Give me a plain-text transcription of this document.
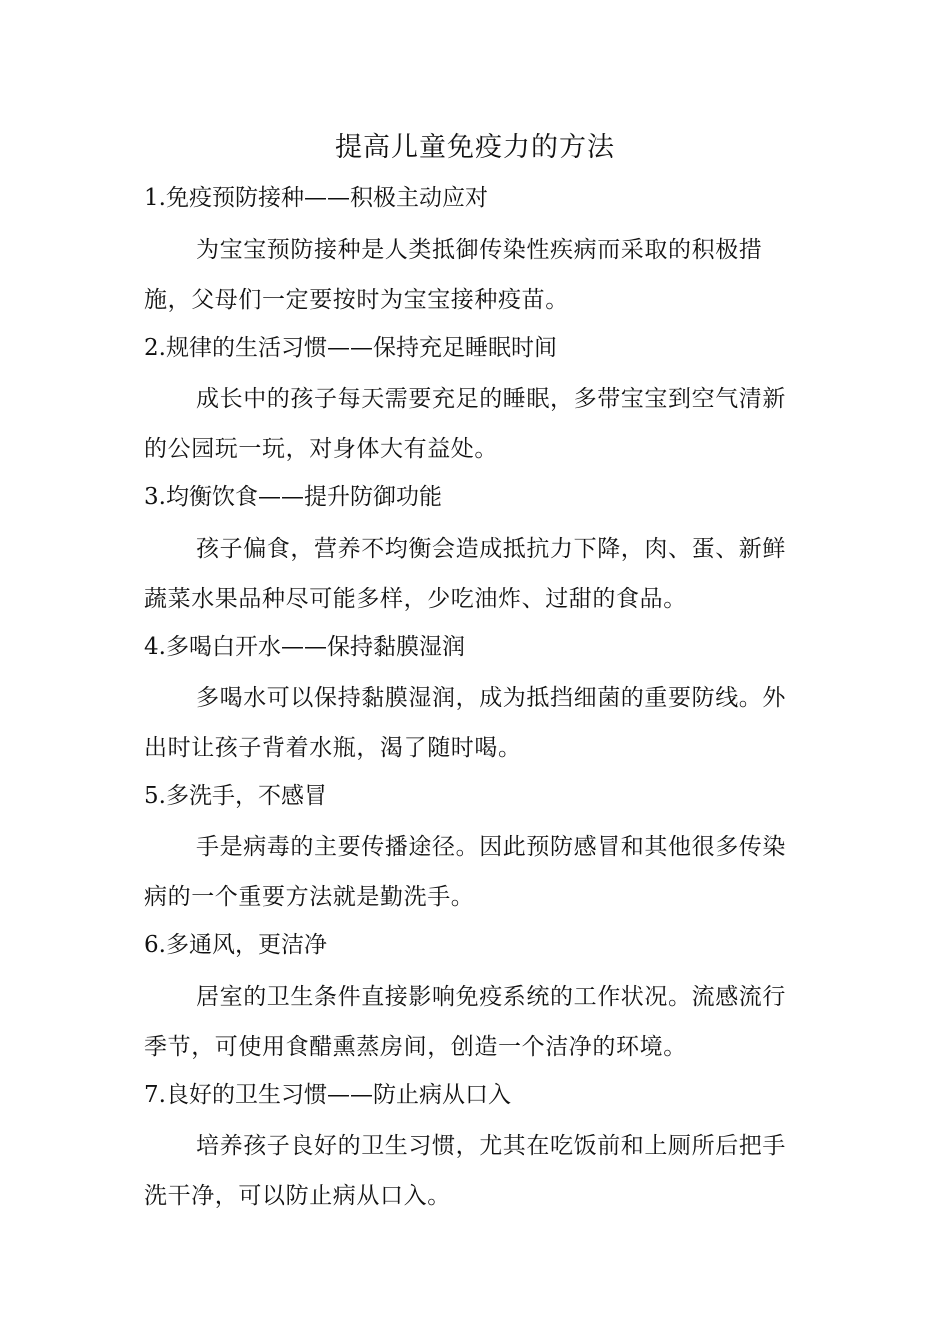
提高儿童免疫力的方法
1.免疫预防接种——积极主动应对

为宝宝预防接种是人类抵御传染性疾病而采取的积极措施，父母们一定要按时为宝宝接种疫苗。

2.规律的生活习惯——保持充足睡眠时间

成长中的孩子每天需要充足的睡眠，多带宝宝到空气清新的公园玩一玩，对身体大有益处。

3.均衡饮食——提升防御功能

孩子偏食，营养不均衡会造成抵抗力下降，肉、蛋、新鲜蔬菜水果品种尽可能多样，少吃油炸、过甜的食品。

4.多喝白开水——保持黏膜湿润

多喝水可以保持黏膜湿润，成为抵挡细菌的重要防线。外出时让孩子背着水瓶，渴了随时喝。

5.多洗手，不感冒

手是病毒的主要传播途径。因此预防感冒和其他很多传染病的一个重要方法就是勤洗手。

6.多通风，更洁净

居室的卫生条件直接影响免疫系统的工作状况。流感流行季节，可使用食醋熏蒸房间，创造一个洁净的环境。

7.良好的卫生习惯——防止病从口入

培养孩子良好的卫生习惯，尤其在吃饭前和上厕所后把手洗干净，可以防止病从口入。
